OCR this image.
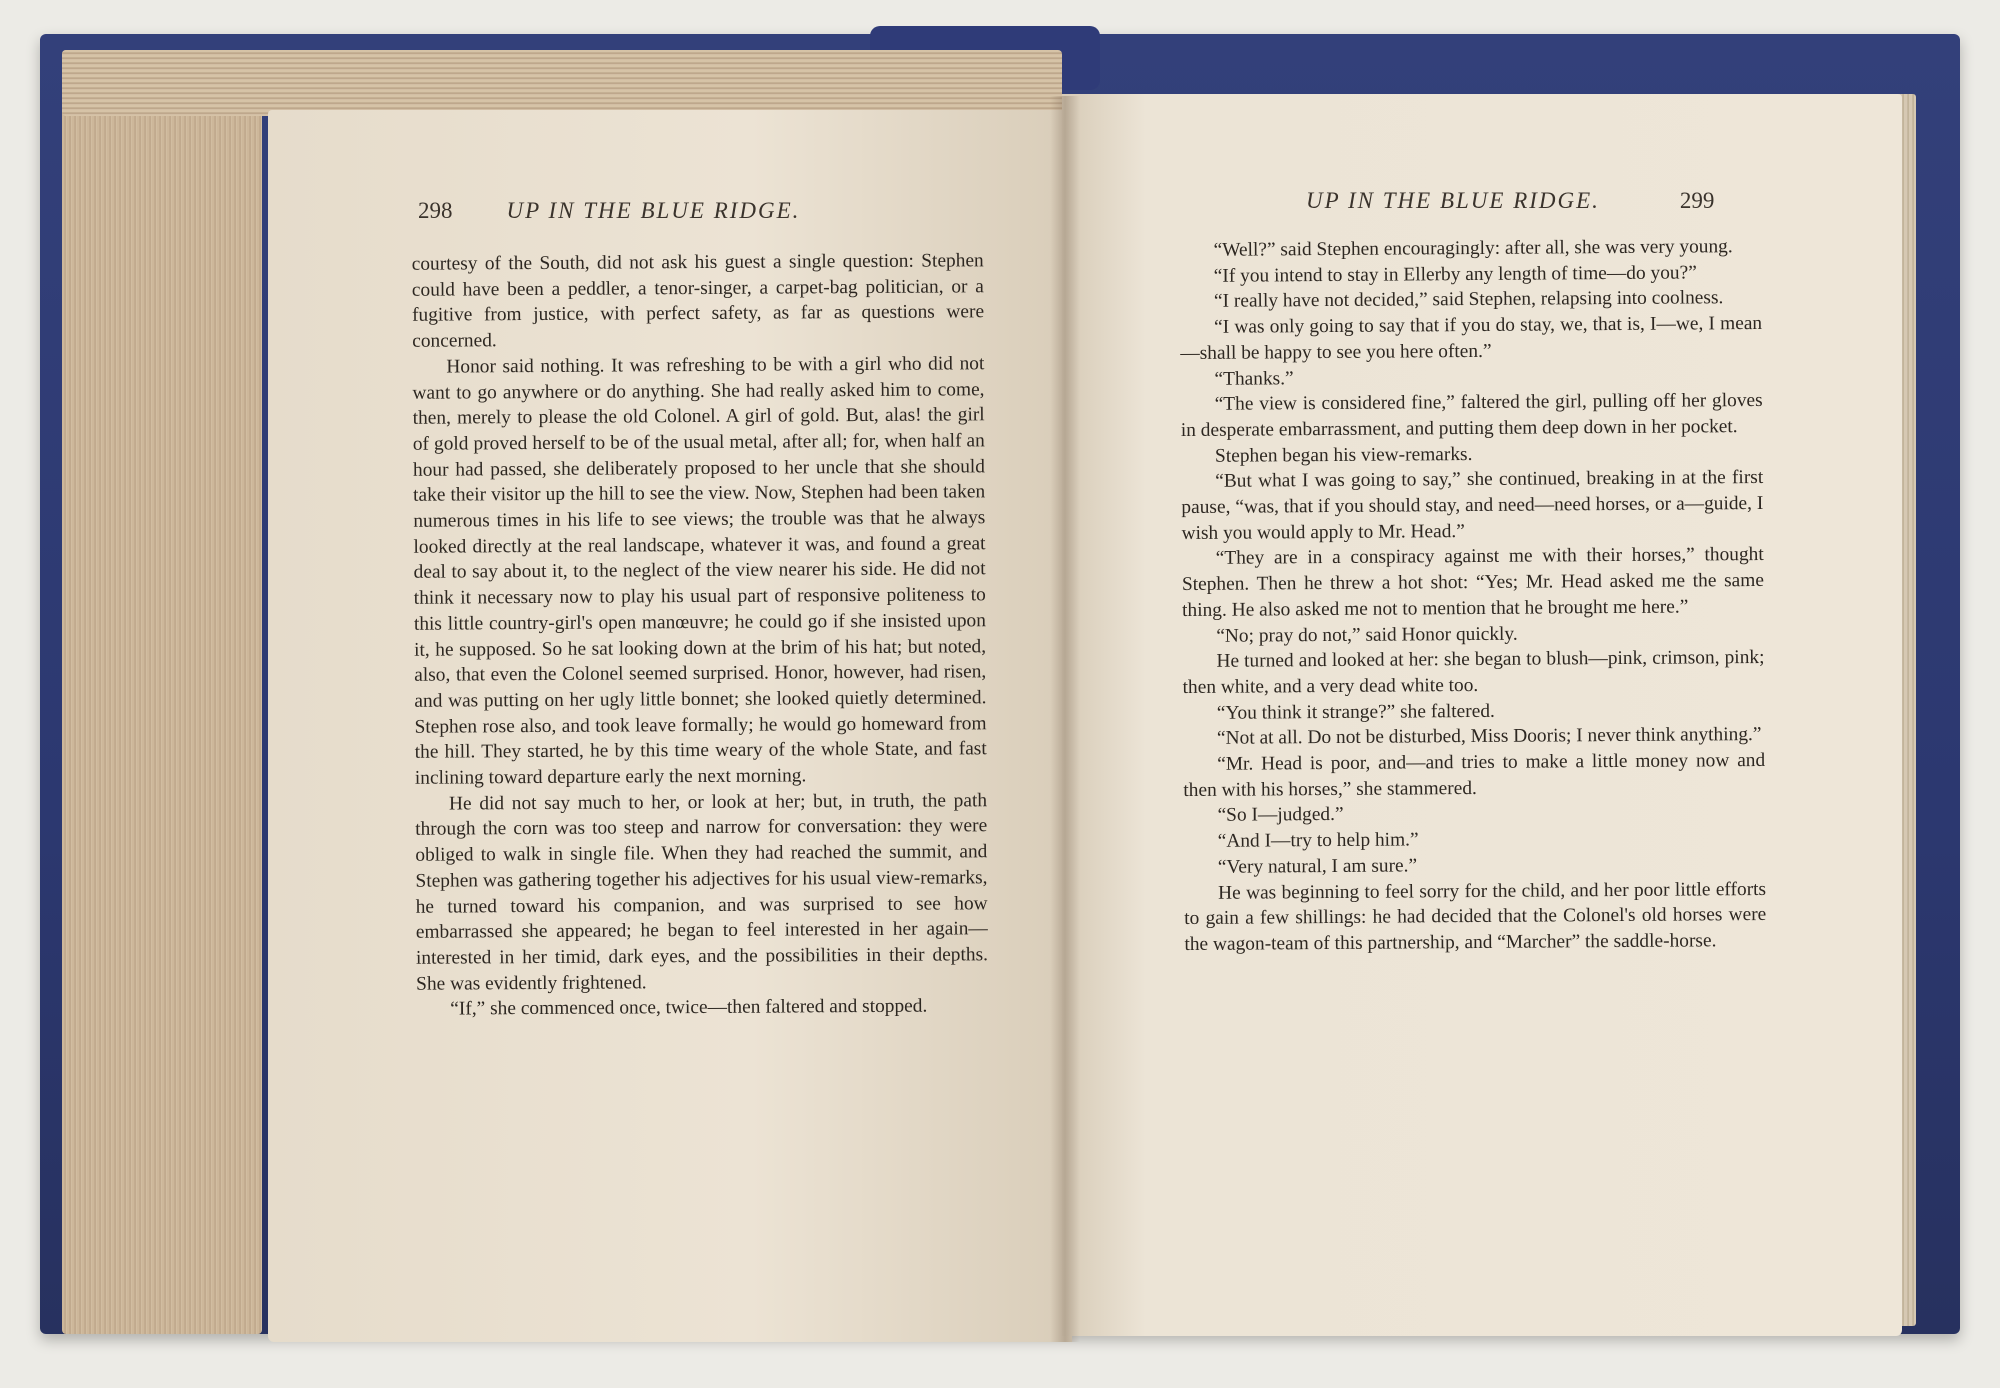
298 UP IN THE BLUE RIDGE.	UP IN THE BLUE RIDGE.	299

courtesy of the South, did not ask his guest a single question: Stephen could have been a peddler, a tenor-singer, a carpet-bag politician, or a fugitive from justice, with perfect safety, as far as questions were concerned.

Honor said nothing. It was refreshing to be with a girl who did not want to go anywhere or do anything. She had really asked him to come, then, merely to please the old Colonel. A girl of gold. But, alas! the girl of gold proved herself to be of the usual metal, after all; for, when half an hour had passed, she deliberately proposed to her uncle that she should take their visitor up the hill to see the view. Now, Stephen had been taken numerous times in his life to see views; the trouble was that he always looked directly at the real landscape, whatever it was, and found a great deal to say about it, to the neglect of the view nearer his side. He did not think it necessary now to play his usual part of responsive politeness to this little country-girl's open manœuvre; he could go if she insisted upon it, he supposed. So he sat looking down at the brim of his hat; but noted, also, that even the Colonel seemed surprised. Honor, however, had risen, and was putting on her ugly little bonnet; she looked quietly determined. Stephen rose also, and took leave formally; he would go homeward from the hill. They started, he by this time weary of the whole State, and fast inclining toward departure early the next morning.

He did not say much to her, or look at her; but, in truth, the path through the corn was too steep and narrow for conversation: they were obliged to walk in single file. When they had reached the summit, and Stephen was gathering together his adjectives for his usual view-remarks, he turned toward his companion, and was surprised to see how embarrassed she appeared; he began to feel interested in her again—interested in her timid, dark eyes, and the possibilities in their depths. She was evidently frightened.

“If,” she commenced once, twice—then faltered and stopped.

“Well?” said Stephen encouragingly: after all, she was very young.

“If you intend to stay in Ellerby any length of time—do you?”

“I really have not decided,” said Stephen, relapsing into coolness.

“I was only going to say that if you do stay, we, that is, I—we, I mean—shall be happy to see you here often.”

“Thanks.”

“The view is considered fine,” faltered the girl, pulling off her gloves in desperate embarrassment, and putting them deep down in her pocket.

Stephen began his view-remarks.

“But what I was going to say,” she continued, breaking in at the first pause, “was, that if you should stay, and need—need horses, or a—guide, I wish you would apply to Mr. Head.”

“They are in a conspiracy against me with their horses,” thought Stephen. Then he threw a hot shot: “Yes; Mr. Head asked me the same thing. He also asked me not to mention that he brought me here.”

“No; pray do not,” said Honor quickly.

He turned and looked at her: she began to blush—pink, crimson, pink; then white, and a very dead white too.

“You think it strange?” she faltered.

“Not at all. Do not be disturbed, Miss Dooris; I never think anything.”

“Mr. Head is poor, and—and tries to make a little money now and then with his horses,” she stammered.

“So I—judged.”

“And I—try to help him.”

“Very natural, I am sure.”

He was beginning to feel sorry for the child, and her poor little efforts to gain a few shillings: he had decided that the Colonel's old horses were the wagon-team of this partnership, and “Marcher” the saddle-horse.
